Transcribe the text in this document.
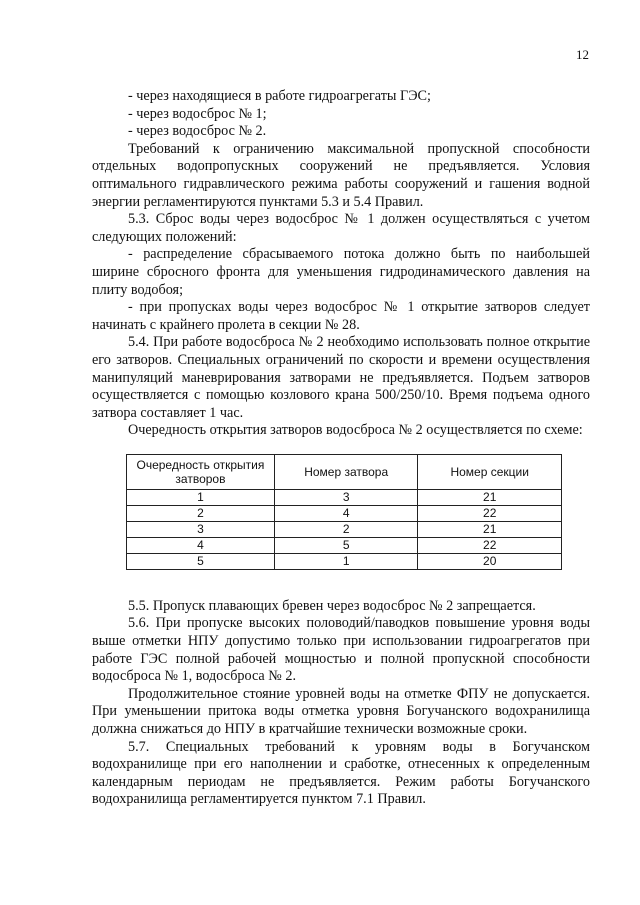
12

- через находящиеся в работе гидроагрегаты ГЭС;

- через водосброс № 1;

- через водосброс № 2.

Требований к ограничению максимальной пропускной способности отдельных водопропускных сооружений не предъявляется. Условия оптимального гидравлического режима работы сооружений и гашения водной энергии регламентируются пунктами 5.3 и 5.4 Правил.

5.3. Сброс воды через водосброс № 1 должен осуществляться с учетом следующих положений:

- распределение сбрасываемого потока должно быть по наибольшей ширине сбросного фронта для уменьшения гидродинамического давления на плиту водобоя;

- при пропусках воды через водосброс № 1 открытие затворов следует начинать с крайнего пролета в секции № 28.

5.4. При работе водосброса № 2 необходимо использовать полное открытие его затворов. Специальных ограничений по скорости и времени осуществления манипуляций маневрирования затворами не предъявляется. Подъем затворов осуществляется с помощью козлового крана 500/250/10. Время подъема одного затвора составляет 1 час.

Очередность открытия затворов водосброса № 2 осуществляется по схеме:

Очередность открытия затворов	Номер затвора	Номер секции
1	3	21
2	4	22
3	2	21
4	5	22
5	1	20

5.5. Пропуск плавающих бревен через водосброс № 2 запрещается.

5.6. При пропуске высоких половодий/паводков повышение уровня воды выше отметки НПУ допустимо только при использовании гидроагрегатов при работе ГЭС полной рабочей мощностью и полной пропускной способности водосброса № 1, водосброса № 2.

Продолжительное стояние уровней воды на отметке ФПУ не допускается. При уменьшении притока воды отметка уровня Богучанского водохранилища должна снижаться до НПУ в кратчайшие технически возможные сроки.

5.7. Специальных требований к уровням воды в Богучанском водохранилище при его наполнении и сработке, отнесенных к определенным календарным периодам не предъявляется. Режим работы Богучанского водохранилища регламентируется пунктом 7.1 Правил.
